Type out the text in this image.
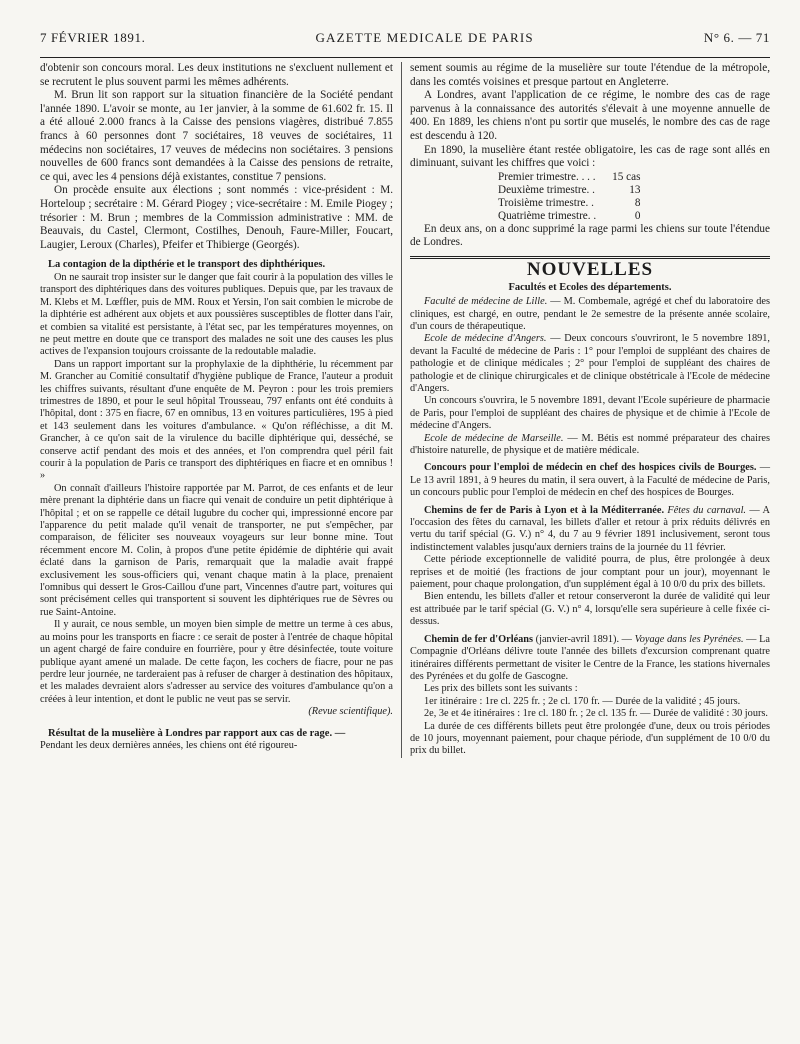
7 FÉVRIER 1891.	GAZETTE MEDICALE DE PARIS	N° 6. — 71

d'obtenir son concours moral. Les deux institutions ne s'excluent nullement et se recrutent le plus souvent parmi les mêmes adhérents.

M. Brun lit son rapport sur la situation financière de la Société pendant l'année 1890. L'avoir se monte, au 1er janvier, à la somme de 61.602 fr. 15. Il a été alloué 2.000 francs à la Caisse des pensions viagères, distribué 7.855 francs à 60 personnes dont 7 sociétaires, 18 veuves de sociétaires, 11 médecins non sociétaires, 17 veuves de médecins non sociétaires. 3 pensions nouvelles de 600 francs sont demandées à la Caisse des pensions de retraite, ce qui, avec les 4 pensions déjà existantes, constitue 7 pensions.

On procède ensuite aux élections ; sont nommés : vice-président : M. Horteloup ; secrétaire : M. Gérard Piogey ; vice-secrétaire : M. Emile Piogey ; trésorier : M. Brun ; membres de la Commission administrative : MM. de Beauvais, du Castel, Clermont, Costilhes, Denouh, Faure-Miller, Foucart, Laugier, Leroux (Charles), Pfeifer et Thibierge (Georgés).

La contagion de la dipthérie et le transport des diphthériques.

On ne saurait trop insister sur le danger que fait courir à la population des villes le transport des diphtériques dans des voitures publiques. Depuis que, par les travaux de M. Klebs et M. Lœffler, puis de MM. Roux et Yersin, l'on sait combien le microbe de la diphtérie est adhérent aux objets et aux poussières susceptibles de flotter dans l'air, et combien sa vitalité est persistante, à l'état sec, par les températures moyennes, on ne peut mettre en doute que ce transport des malades ne soit une des causes les plus actives de l'expansion toujours croissante de la redoutable maladie.

Dans un rapport important sur la prophylaxie de la diphthérie, lu récemment par M. Grancher au Comitié consultatif d'hygiène publique de France, l'auteur a produit les chiffres suivants, résultant d'une enquête de M. Peyron : pour les trois premiers trimestres de 1890, et pour le seul hôpital Trousseau, 797 enfants ont été conduits à l'hôpital, dont : 375 en fiacre, 67 en omnibus, 13 en voitures particulières, 195 à pied et 143 seulement dans les voitures d'ambulance. « Qu'on réfléchisse, a dit M. Grancher, à ce qu'on sait de la virulence du bacille diphtérique qui, desséché, se conserve actif pendant des mois et des années, et l'on comprendra quel péril fait courir à la population de Paris ce transport des diphtériques en fiacre et en omnibus ! »

On connaît d'ailleurs l'histoire rapportée par M. Parrot, de ces enfants et de leur mère prenant la diphtérie dans un fiacre qui venait de conduire un petit diphtérique à l'hôpital ; et on se rappelle ce détail lugubre du cocher qui, impressionné encore par l'apparence du petit malade qu'il venait de transporter, ne put s'empêcher, par comparaison, de féliciter ses nouveaux voyageurs sur leur bonne mine. Tout récemment encore M. Colin, à propos d'une petite épidémie de diphtérie qui avait éclaté dans la garnison de Paris, remarquait que la maladie avait frappé exclusivement les sous-officiers qui, venant chaque matin à la place, prenaient l'omnibus qui dessert le Gros-Caillou d'une part, Vincennes d'autre part, voitures qui sont précisément celles qui transportent si souvent les diphtériques rue de Sèvres ou rue Saint-Antoine.

Il y aurait, ce nous semble, un moyen bien simple de mettre un terme à ces abus, au moins pour les transports en fiacre : ce serait de poster à l'entrée de chaque hôpital un agent chargé de faire conduire en fourrière, pour y être désinfectée, toute voiture publique ayant amené un malade. De cette façon, les cochers de fiacre, pour ne pas perdre leur journée, ne tarderaient pas à refuser de charger à destination des hôpitaux, et les malades devraient alors s'adresser au service des voitures d'ambulance qu'on a créées à leur intention, et dont le public ne veut pas se servir.

(Revue scientifique).

Résultat de la muselière à Londres par rapport aux cas de rage. —

Pendant les deux dernières années, les chiens ont été rigoureu-

sement soumis au régime de la muselière sur toute l'étendue de la métropole, dans les comtés voisines et presque partout en Angleterre.

A Londres, avant l'application de ce régime, le nombre des cas de rage parvenus à la connaissance des autorités s'élevait à une moyenne annuelle de 400. En 1889, les chiens n'ont pu sortir que muselés, le nombre des cas de rage est descendu à 120.

En 1890, la muselière étant restée obligatoire, les cas de rage sont allés en diminuant, suivant les chiffres que voici :

Premier trimestre. . . .	15 cas
Deuxième trimestre. .	13
Troisième trimestre. .	8
Quatrième trimestre. .	0

En deux ans, on a donc supprimé la rage parmi les chiens sur toute l'étendue de Londres.

NOUVELLES
Facultés et Ecoles des départements.

Faculté de médecine de Lille. — M. Combemale, agrégé et chef du laboratoire des cliniques, est chargé, en outre, pendant le 2e semestre de la présente année scolaire, d'un cours de thérapeutique.

Ecole de médecine d'Angers. — Deux concours s'ouvriront, le 5 novembre 1891, devant la Faculté de médecine de Paris : 1° pour l'emploi de suppléant des chaires de pathologie et de clinique médicales ; 2° pour l'emploi de suppléant des chaires de pathologie et de clinique chirurgicales et de clinique obstétricale à l'Ecole de médecine d'Angers.

Un concours s'ouvrira, le 5 novembre 1891, devant l'Ecole supérieure de pharmacie de Paris, pour l'emploi de suppléant des chaires de physique et de chimie à l'Ecole de médecine d'Angers.

Ecole de médecine de Marseille. — M. Bétis est nommé préparateur des chaires d'histoire naturelle, de physique et de matière médicale.

Concours pour l'emploi de médecin en chef des hospices civils de Bourges. — Le 13 avril 1891, à 9 heures du matin, il sera ouvert, à la Faculté de médecine de Paris, un concours public pour l'emploi de médecin en chef des hospices de Bourges.

Chemins de fer de Paris à Lyon et à la Méditerranée. Fêtes du carnaval. — A l'occasion des fêtes du carnaval, les billets d'aller et retour à prix réduits délivrés en vertu du tarif spécial (G. V.) n° 4, du 7 au 9 février 1891 inclusivement, seront tous indistinctement valables jusqu'aux derniers trains de la journée du 11 février.

Cette période exceptionnelle de validité pourra, de plus, être prolongée à deux reprises et de moitié (les fractions de jour comptant pour un jour), moyennant le paiement, pour chaque prolongation, d'un supplément égal à 10 0/0 du prix des billets.

Bien entendu, les billets d'aller et retour conserveront la durée de validité qui leur est attribuée par le tarif spécial (G. V.) n° 4, lorsqu'elle sera supérieure à celle fixée ci-dessus.

Chemin de fer d'Orléans (janvier-avril 1891). — Voyage dans les Pyrénées. — La Compagnie d'Orléans délivre toute l'année des billets d'excursion comprenant quatre itinéraires différents permettant de visiter le Centre de la France, les stations hivernales des Pyrénées et du golfe de Gascogne.

Les prix des billets sont les suivants :

1er itinéraire : 1re cl. 225 fr. ; 2e cl. 170 fr. — Durée de la validité ; 45 jours.

2e, 3e et 4e itinéraires : 1re cl. 180 fr. ; 2e cl. 135 fr. — Durée de validité : 30 jours.

La durée de ces différents billets peut être prolongée d'une, deux ou trois périodes de 10 jours, moyennant paiement, pour chaque période, d'un supplément de 10 0/0 du prix du billet.
